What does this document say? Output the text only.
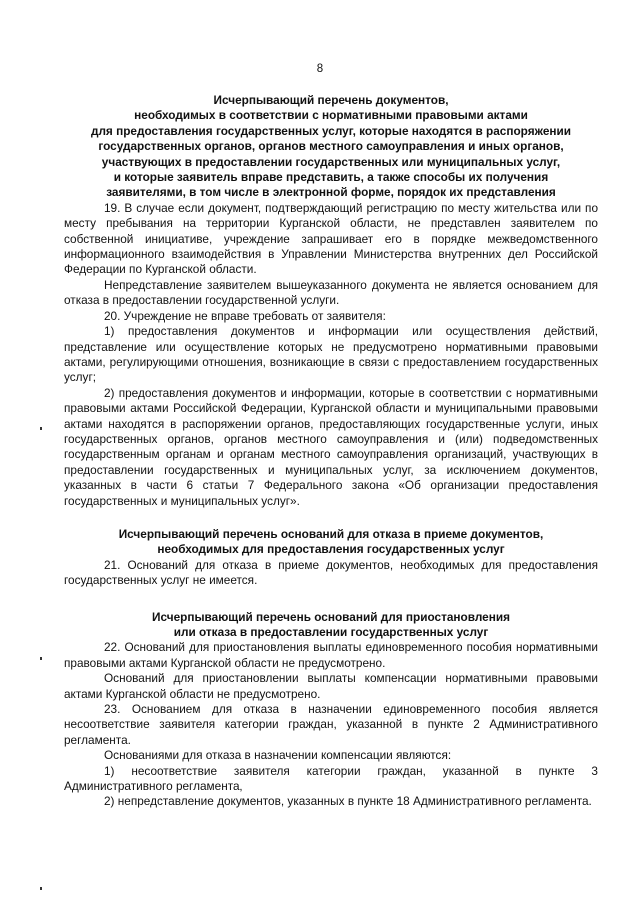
8
Исчерпывающий перечень документов,
необходимых в соответствии с нормативными правовыми актами
для предоставления государственных услуг, которые находятся в распоряжении
государственных органов, органов местного самоуправления и иных органов,
участвующих в предоставлении государственных или муниципальных услуг,
и которые заявитель вправе представить, а также способы их получения
заявителями, в том числе в электронной форме, порядок их представления

19. В случае если документ, подтверждающий регистрацию по месту жительства или по месту пребывания на территории Курганской области, не представлен заявителем по собственной инициативе, учреждение запрашивает его в порядке межведомственного информационного взаимодействия в Управлении Министерства внутренних дел Российской Федерации по Курганской области.

Непредставление заявителем вышеуказанного документа не является основанием для отказа в предоставлении государственной услуги.

20. Учреждение не вправе требовать от заявителя:

1) предоставления документов и информации или осуществления действий, представление или осуществление которых не предусмотрено нормативными правовыми актами, регулирующими отношения, возникающие в связи с предоставлением государственных услуг;

2) предоставления документов и информации, которые в соответствии с нормативными правовыми актами Российской Федерации, Курганской области и муниципальными правовыми актами находятся в распоряжении органов, предоставляющих государственные услуги, иных государственных органов, органов местного самоуправления и (или) подведомственных государственным органам и органам местного самоуправления организаций, участвующих в предоставлении государственных и муниципальных услуг, за исключением документов, указанных в части 6 статьи 7 Федерального закона «Об организации предоставления государственных и муниципальных услуг».

Исчерпывающий перечень оснований для отказа в приеме документов,
необходимых для предоставления государственных услуг

21. Оснований для отказа в приеме документов, необходимых для предоставления государственных услуг не имеется.

Исчерпывающий перечень оснований для приостановления
или отказа в предоставлении государственных услуг

22. Оснований для приостановления выплаты единовременного пособия нормативными правовыми актами Курганской области не предусмотрено.

Оснований для приостановлении выплаты компенсации нормативными правовыми актами Курганской области не предусмотрено.

23. Основанием для отказа в назначении единовременного пособия является несоответствие заявителя категории граждан, указанной в пункте 2 Административного регламента.

Основаниями для отказа в назначении компенсации являются:

1) несоответствие заявителя категории граждан, указанной в пункте 3 Административного регламента‚

2) непредставление документов, указанных в пункте 18 Административного регламента.
